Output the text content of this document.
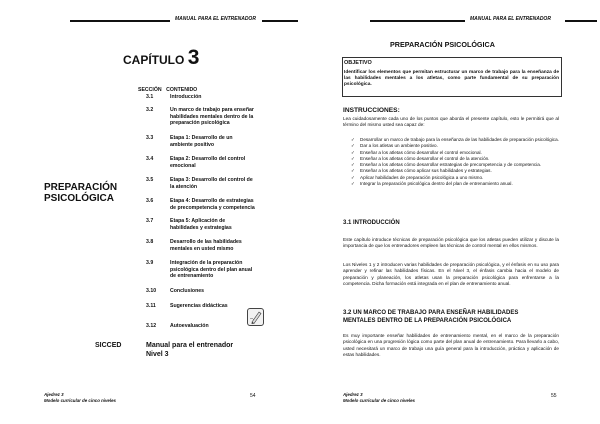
MANUAL PARA EL ENTRENADOR
CAPÍTULO 3
PREPARACIÓN
PSICOLÓGICA
SECCIÓN CONTENIDO
3.1	Introducción
3.2	Un marco de trabajo para enseñar
habilidades mentales dentro de la
preparación psicológica
3.3	Etapa 1: Desarrollo de un
ambiente positivo
3.4	Etapa 2: Desarrollo del control
emocional
3.5	Etapa 3: Desarrollo del control de
la atención
3.6	Etapa 4: Desarrollo de estrategias
de precompetencia y competencia
3.7	Etapa 5: Aplicación de
habilidades y estrategias
3.8	Desarrollo de las habilidades
mentales en usted mismo
3.9	Integración de la preparación
psicológica dentro del plan anual
de entrenamiento
3.10	Conclusiones
3.11	Sugerencias didácticas
3.12	Autoevaluación
SICCED	Manual para el entrenador
Nivel 3
Ajedrez 3
Modelo curricular de cinco niveles
54
MANUAL PARA EL ENTRENADOR
PREPARACIÓN PSICOLÓGICA
OBJETIVO
Identificar los elementos que permitan estructurar un marco de trabajo para la enseñanza de las habilidades mentales a los atletas, como parte fundamental de su preparación psicológica.
INSTRUCCIONES:
Lea cuidadosamente cada uno de los puntos que aborda el presente capítulo, esto le permitirá que al término del mismo usted sea capaz de:
✓ Desarrollar un marco de trabajo para la enseñanza de las habilidades de preparación psicológica.
✓ Dar a los atletas un ambiente positivo.
✓ Enseñar a los atletas cómo desarrollar el control emocional.
✓ Enseñar a los atletas cómo desarrollar el control de la atención.
✓ Enseñar a los atletas cómo desarrollar estrategias de precompetencia y de competencia.
✓ Enseñar a los atletas cómo aplicar sus habilidades y estrategias.
✓ Aplicar habilidades de preparación psicológica a uno mismo.
✓ Integrar la preparación psicológica dentro del plan de entrenamiento anual.
3.1 INTRODUCCIÓN
Este capítulo introduce técnicas de preparación psicológica que los atletas pueden utilizar y discute la importancia de que los entrenadores empleen las técnicas de control mental en ellos mismos.
Los Niveles 1 y 2 introducen varias habilidades de preparación psicológica, y el énfasis en su uso para aprender y refinar las habilidades físicas. En el Nivel 3, el énfasis cambia hacia el modelo de preparación y planeación, los atletas usan la preparación psicológica para enfrentarse a la competencia. Dicha formación está integrada en el plan de entrenamiento anual.
3.2 UN MARCO DE TRABAJO PARA ENSEÑAR HABILIDADES
MENTALES DENTRO DE LA PREPARACIÓN PSICOLÓGICA
Es muy importante enseñar habilidades de entrenamiento mental, en el marco de la preparación psicológica en una progresión lógica como parte del plan anual de entrenamiento. Para llevarlo a cabo, usted necesitará un marco de trabajo una guía general para la introducción, práctica y aplicación de estas habilidades.
Ajedrez 3
Modelo curricular de cinco niveles
55
